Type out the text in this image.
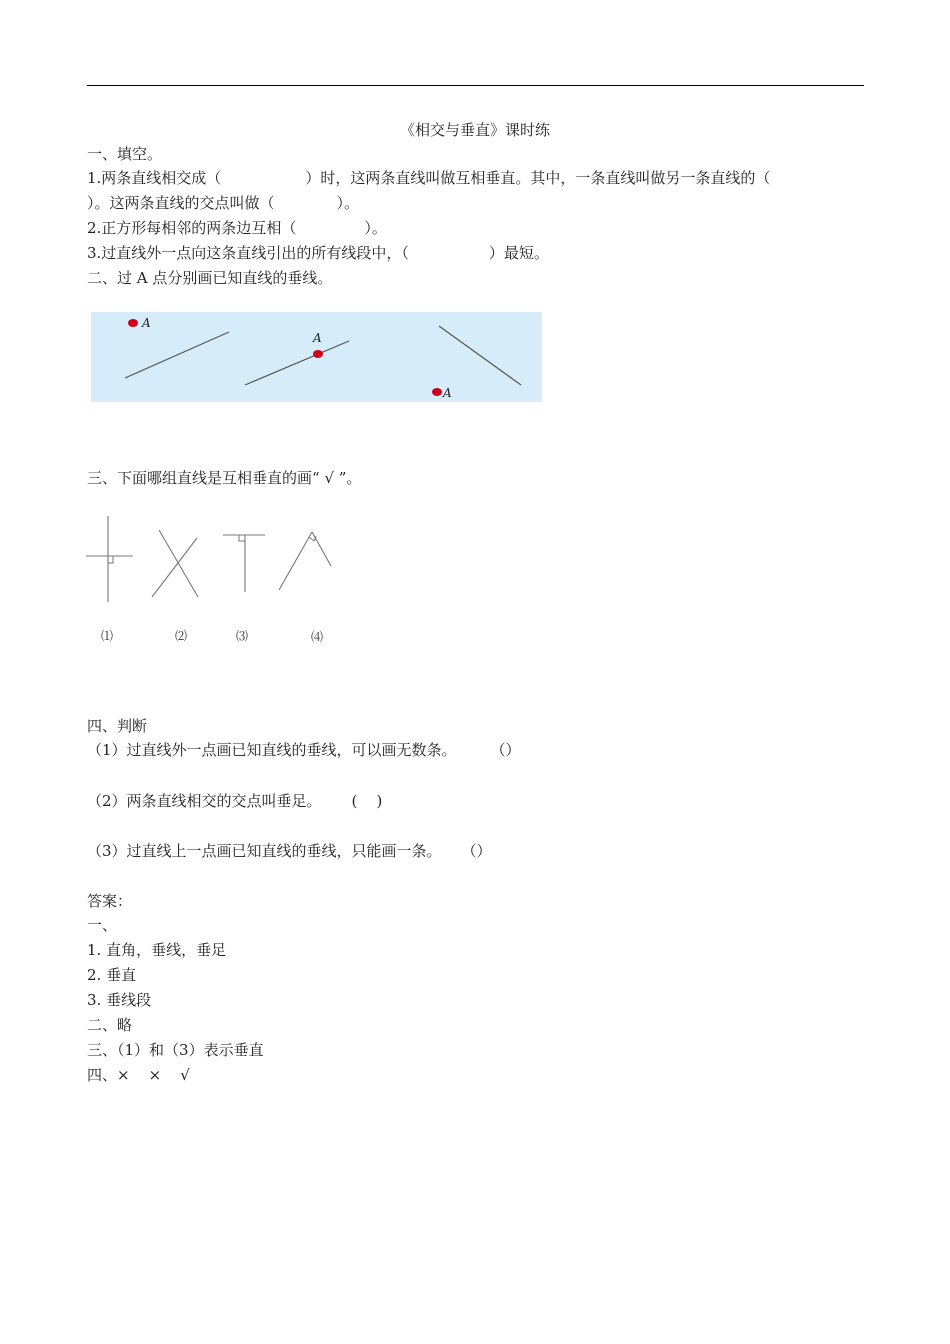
《相交与垂直》课时练
一、填空。
1.两条直线相交成（	）时，这两条直线叫做互相垂直。其中，一条直线叫做另一条直线的（
）。这两条直线的交点叫做（	）。
2.正方形每相邻的两条边互相（	）。
3.过直线外一点向这条直线引出的所有线段中，（	）最短。
二、过 A 点分别画已知直线的垂线。
A
A
A
三、下面哪组直线是互相垂直的画“ √ ”。
⑴	⑵	⑶	⑷
四、判断
（1）过直线外一点画已知直线的垂线，可以画无数条。 （）
（2）两条直线相交的交点叫垂足。 (    )
（3）过直线上一点画已知直线的垂线，只能画一条。 （）
答案：
一、
1. 直角，垂线，垂足
2. 垂直
3. 垂线段
二、略
三、（1）和（3）表示垂直
四、×    ×    √
